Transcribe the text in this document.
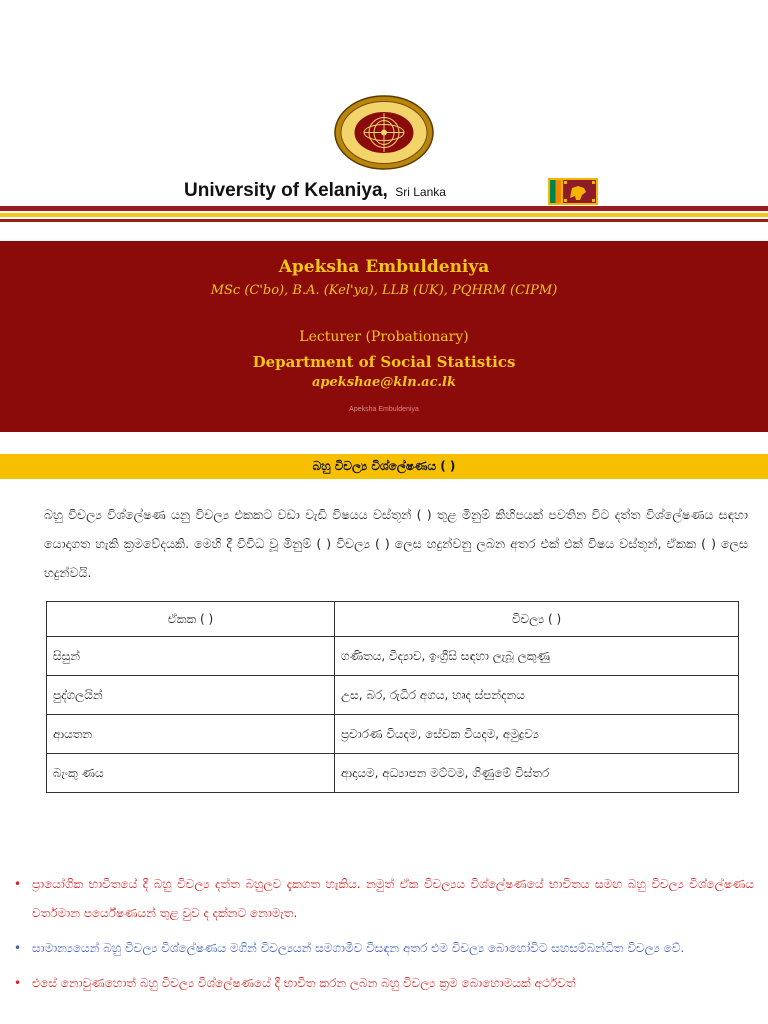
University of Kelaniya, Sri Lanka
Apeksha Embuldeniya
MSc (C'bo), B.A. (Kel'ya), LLB (UK), PQHRM (CIPM)
Lecturer (Probationary)
Department of Social Statistics
apekshae@kln.ac.lk
Apeksha Embuldeniya
බහු විචල්‍ය විශ්ලේෂණය ( )
බහු විචල්‍ය විශ්ලේෂණ යනු විචල්‍ය එකකට වඩා වැඩි විෂයය වස්තූන් ( ) තුළ මිනුම් කිහිපයක් පවතින විට දත්ත විශ්ලේෂණය සඳහා යොදාගත හැකි ක්‍රමවේදයකි. මෙහි දී විවිධ වූ මිනුම් ( ) විචල්‍ය ( ) ලෙස හදුන්වනු ලබන අතර එක් එක් විෂය වස්තූන්, ඒකක ( ) ලෙස හදුන්වයි.
ඒකක ( )	විචල්‍ය ( )
සිසුන්	ගණිතය, විද්‍යාව, ඉංග්‍රීසි සඳහා ලැබූ ලකුණු
පුද්ගලයින්	උස, බර, රුධිර අගය, හෘද ස්පන්දනය
ආයතන	ප්‍රචාරණ වියදම, සේවක වියදම, අමුද්‍රව්‍ය
බැංකු ණය	ආදායම, අධ්‍යාපන මට්ටම, ගිණුමේ විස්තර
• ප්‍රායෝගික භාවිතයේ දී බහු විචල්‍ය දත්ත බහුලව දැකගත හැකිය. නමුත් ඒක විචල්‍යය විශ්ලේෂණයේ භාවිතය සමඟ බහු විචල්‍ය විශ්ලේෂණය වර්තමාන පර්යේෂණයන් තුළ වුව ද දක්නට නොමැත.
• සාමාන්‍යයෙන් බහු විචල්‍ය විශ්ලේෂණය මගින් විචල්‍යයන් සමගාමීව විසඳන අතර එම විචල්‍ය බොහෝවිට සහසම්බන්ධිත විචල්‍ය වේ.
• එසේ නොවුණහොත් බහු විචල්‍ය විශ්ලේෂණයේ දී භාවිත කරන ලබන බහු විචල්‍ය ක්‍රම බොහොමයක් අර්ථවත්
